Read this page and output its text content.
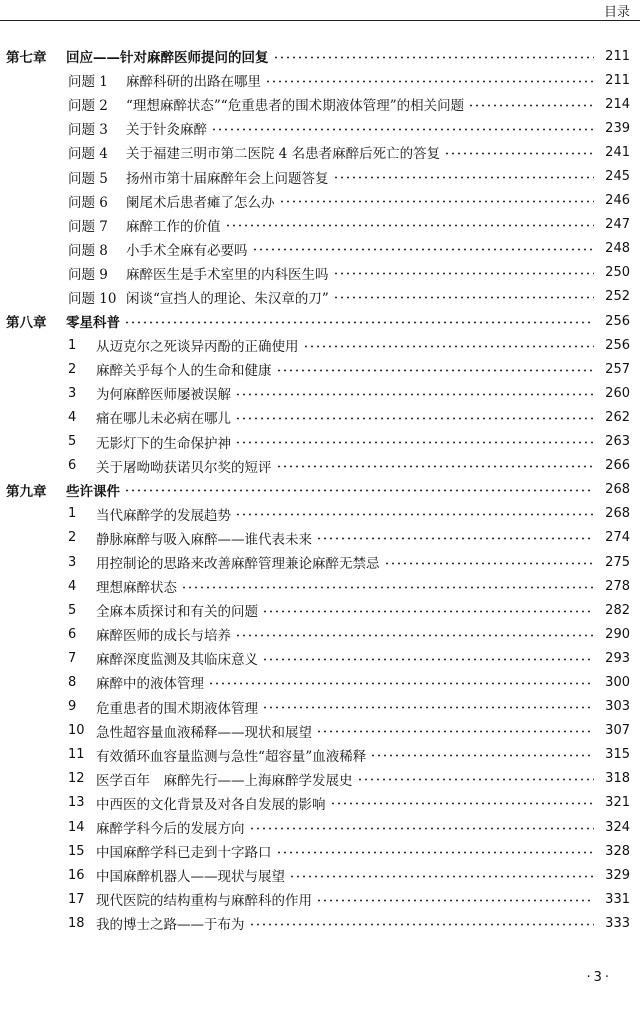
目录
第七章	回应——针对麻醉医师提问的回复	211
问题 1	麻醉科研的出路在哪里	211
问题 2	“理想麻醉状态”“危重患者的围术期液体管理”的相关问题	214
问题 3	关于针灸麻醉	239
问题 4	关于福建三明市第二医院 4 名患者麻醉后死亡的答复	241
问题 5	扬州市第十届麻醉年会上问题答复	245
问题 6	阑尾术后患者瘫了怎么办	246
问题 7	麻醉工作的价值	247
问题 8	小手术全麻有必要吗	248
问题 9	麻醉医生是手术室里的内科医生吗	250
问题 10 闲谈“宣挡人的理论、朱汉章的刀”	252
第八章	零星科普	256
1	从迈克尔之死谈异丙酚的正确使用	256
2	麻醉关乎每个人的生命和健康	257
3	为何麻醉医师屡被误解	260
4	痛在哪儿未必病在哪儿	262
5	无影灯下的生命保护神	263
6	关于屠呦呦获诺贝尔奖的短评	266
第九章	些许课件	268
1	当代麻醉学的发展趋势	268
2	静脉麻醉与吸入麻醉——谁代表未来	274
3	用控制论的思路来改善麻醉管理兼论麻醉无禁忌	275
4	理想麻醉状态	278
5	全麻本质探讨和有关的问题	282
6	麻醉医师的成长与培养	290
7	麻醉深度监测及其临床意义	293
8	麻醉中的液体管理	300
9	危重患者的围术期液体管理	303
10 急性超容量血液稀释——现状和展望	307
11 有效循环血容量监测与急性“超容量”血液稀释	315
12 医学百年　麻醉先行——上海麻醉学发展史	318
13 中西医的文化背景及对各自发展的影响	321
14 麻醉学科今后的发展方向	324
15 中国麻醉学科已走到十字路口	328
16 中国麻醉机器人——现状与展望	329
17 现代医院的结构重构与麻醉科的作用	331
18 我的博士之路——于布为	333
·3·
